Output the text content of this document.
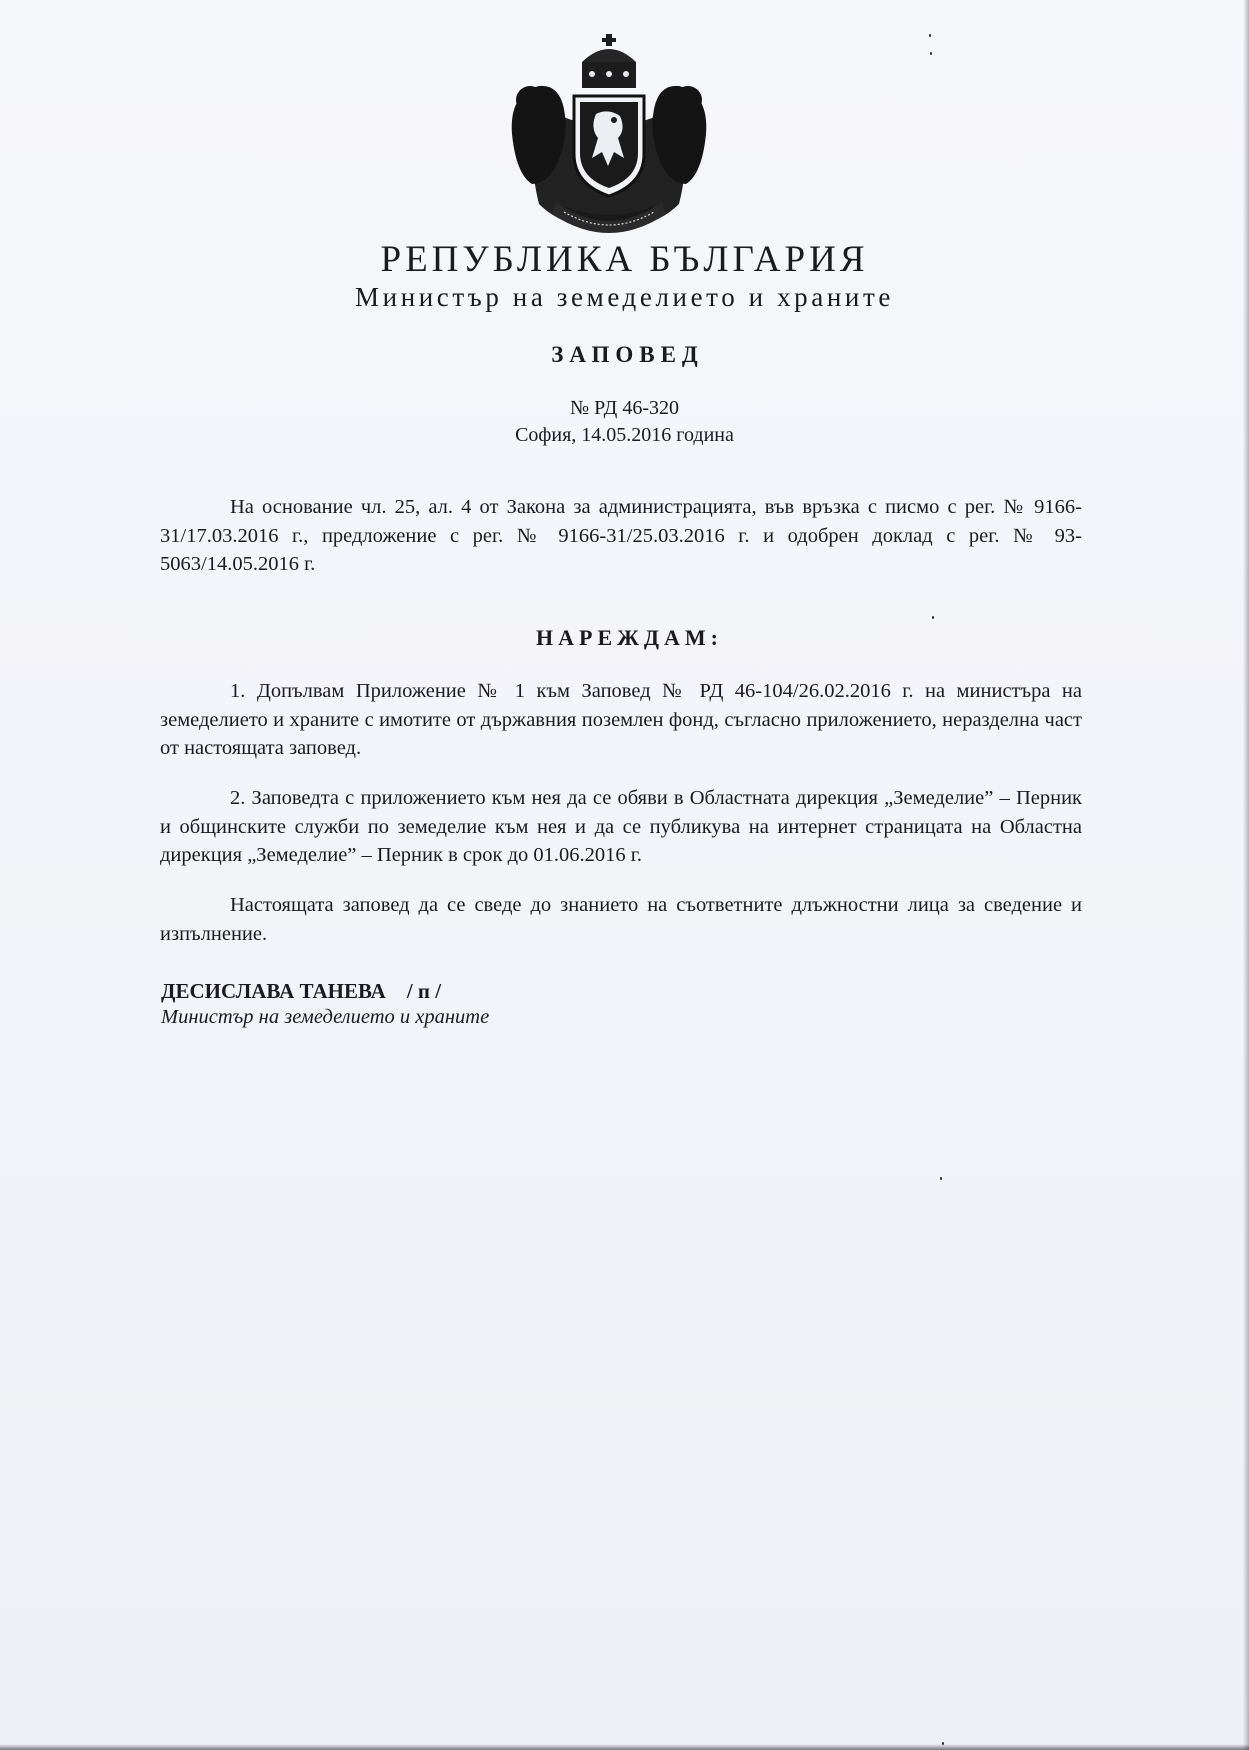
РЕПУБЛИКА БЪЛГАРИЯ
Министър на земеделието и храните
ЗАПОВЕД
№ РД 46-320
София, 14.05.2016 година

На основание чл. 25, ал. 4 от Закона за администрацията, във връзка с писмо с рег. № 9166-31/17.03.2016 г., предложение с рег. № 9166-31/25.03.2016 г. и одобрен доклад с рег. № 93-5063/14.05.2016 г.

НАРЕЖДАМ:

1. Допълвам Приложение № 1 към Заповед № РД 46-104/26.02.2016 г. на министъра на земеделието и храните с имотите от държавния поземлен фонд, съгласно приложението, неразделна част от настоящата заповед.

2. Заповедта с приложението към нея да се обяви в Областната дирекция „Земеделие” – Перник и общинските служби по земеделие към нея и да се публикува на интернет страницата на Областна дирекция „Земеделие” – Перник в срок до 01.06.2016 г.

Настоящата заповед да се сведе до знанието на съответните длъжностни лица за сведение и изпълнение.

ДЕСИСЛАВА ТАНЕВА    / п /
Министър на земеделието и храните
